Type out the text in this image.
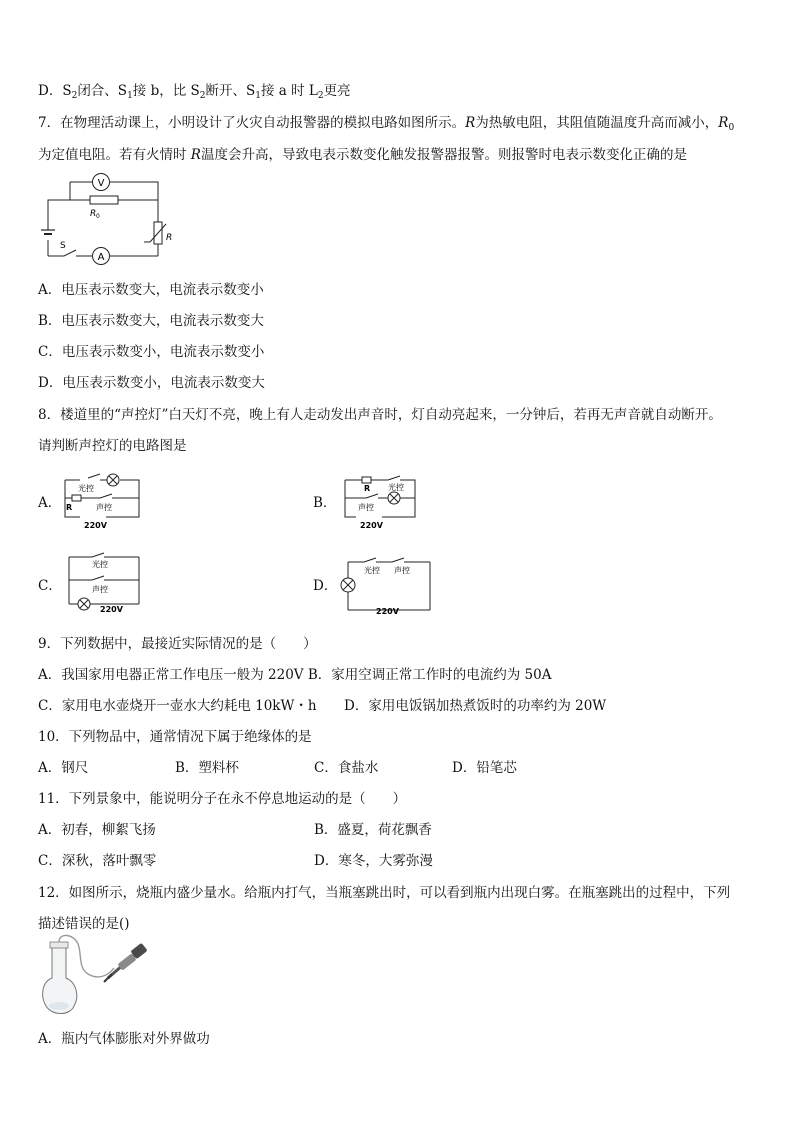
D．$S_2$闭合、$S_1$接 b，比 $S_2$断开、$S_1$接 a 时 $L_2$更亮
7．在物理活动课上，小明设计了火灾自动报警器的模拟电路如图所示。R为热敏电阻，其阻值随温度升高而减小，$R_0$
为定值电阻。若有火情时 R温度会升高，导致电表示数变化触发报警器报警。则报警时电表示数变化正确的是
V
R 0
R
A
S
A．电压表示数变大，电流表示数变小
B．电压表示数变大，电流表示数变大
C．电压表示数变小，电流表示数变小
D．电压表示数变小，电流表示数变大
8．楼道里的“声控灯”白天灯不亮，晚上有人走动发出声音时，灯自动亮起来，一分钟后，若再无声音就自动断开。
请判断声控灯的电路图是
A．
光控
R	声控
220V
B．
R 光控
声控
220V
C．
光控
声控
220V
D．
光控 声控
220V
9．下列数据中，最接近实际情况的是（　　）
A．我国家用电器正常工作电压一般为 220V B．家用空调正常工作时的电流约为 50A
C．家用电水壶烧开一壶水大约耗电 10kW・h D．家用电饭锅加热煮饭时的功率约为 20W
10．下列物品中，通常情况下属于绝缘体的是
A．钢尺	B．塑料杯	C．食盐水	D．铅笔芯
11．下列景象中，能说明分子在永不停息地运动的是（　　）
A．初春，柳絮飞扬	B．盛夏，荷花飘香
C．深秋，落叶飘零	D．寒冬，大雾弥漫
12．如图所示，烧瓶内盛少量水。给瓶内打气，当瓶塞跳出时，可以看到瓶内出现白雾。在瓶塞跳出的过程中，下列
描述错误的是()
A．瓶内气体膨胀对外界做功
